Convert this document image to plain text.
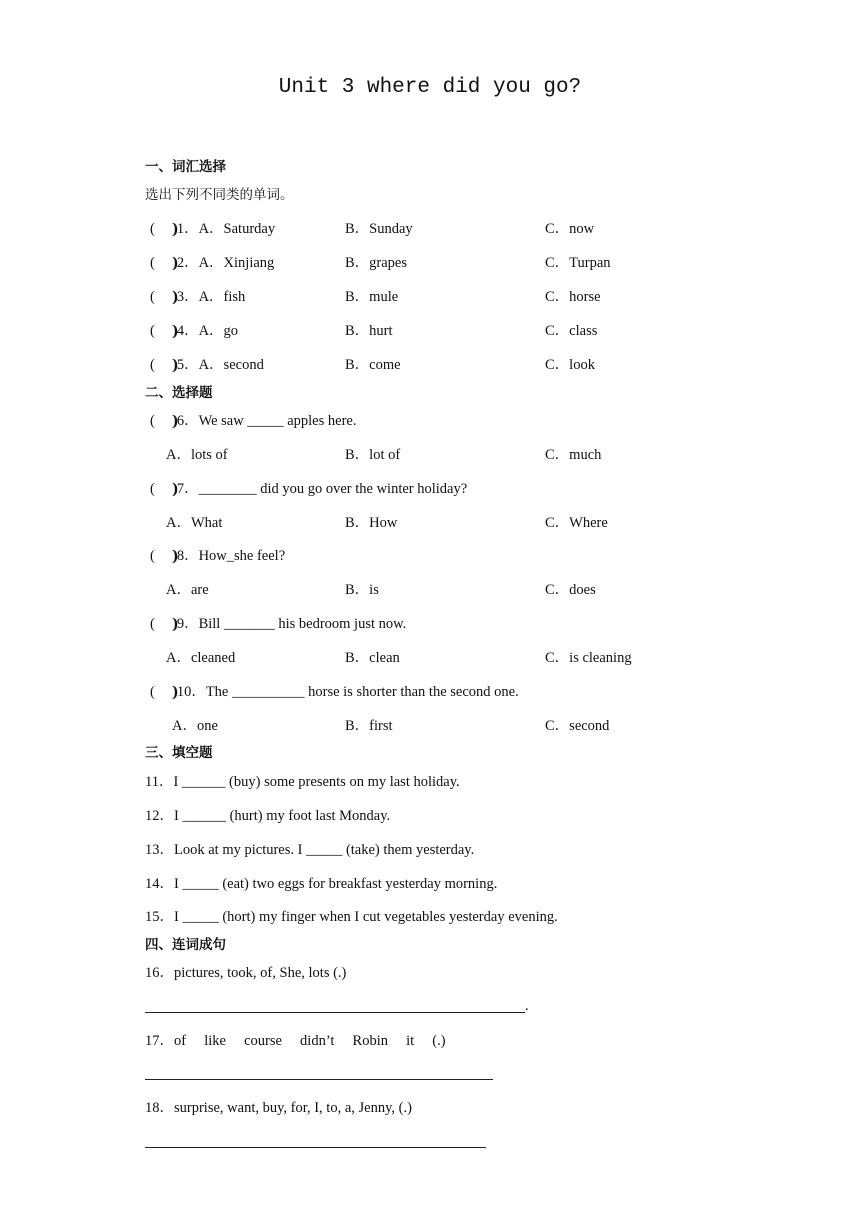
Unit 3 where did you go?
一、词汇选择
选出下列不同类的单词。
(  )
)1．A．Saturday	B．Sunday	C．now
(  )
)2．A．Xinjiang	B．grapes	C．Turpan
(  )
)3．A．fish	B．mule	C．horse
(  )
)4．A．go	B．hurt	C．class
(  )
)5．A．second	B．come	C．look
二、选择题
(  )
)6．We saw _____ apples here.
A．lots of	B．lot of	C．much
(  )
)7．________ did you go over the winter holiday?
A．What	B．How	C．Where
(  )
)8．How_she feel?
A．are	B．is	C．does
(  )
)9．Bill _______ his bedroom just now.
A．cleaned	B．clean	C．is cleaning
(  )
)10．The __________ horse is shorter than the second one.
A．one	B．first	C．second
三、填空题
11．I ______ (buy) some presents on my last holiday.
12．I ______ (hurt) my foot last Monday.
13．Look at my pictures. I _____ (take) them yesterday.
14．I _____ (eat) two eggs for breakfast yesterday morning.
15．I _____ (hort) my finger when I cut vegetables yesterday evening.
四、连词成句
16．pictures, took, of, She, lots (.)
.
17．of  like  course  didn’t  Robin  it  (.)
18．surprise, want, buy, for, I, to, a, Jenny, (.)
